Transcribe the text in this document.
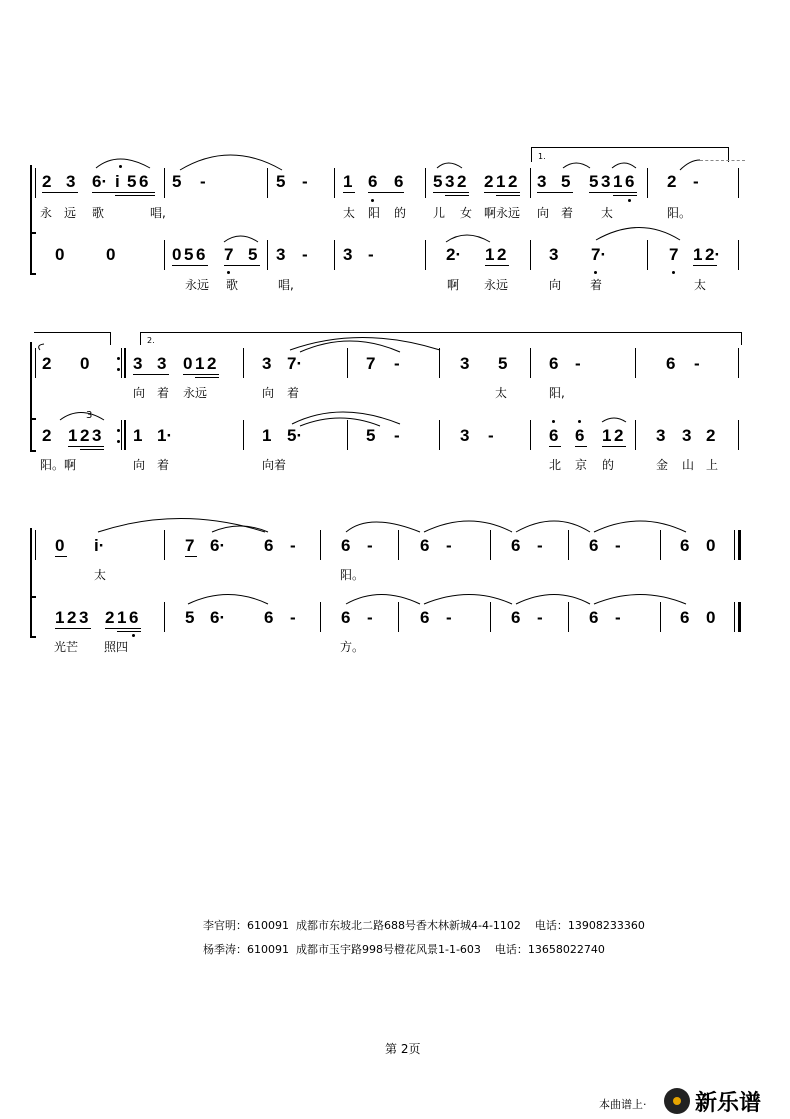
2 3 6· i 5 6 5 -	5 - 1 6 6 5 3 2 2 1 2 3 5 5 3 1 6 2 -
永 远 歌	唱,	太 阳 的 儿 女 啊永远 向 着 太	阳。
0 0	0 5 6 7 5 3 - 3 -	2· 1 2	3 7·	7 1 2·
永 远 歌	唱,	啊 永远	向 着	太
1.
2.
2 0	3 3 0 1 2	3 7·	7 -	3 5 6 -	6 -
向 着 永远	向 着	太	阳,
2 1 2 3 1 1·	1 5·	5 -	3 -	6 6 1 2 3 3 2
3
阳。啊	向 着	向着	北 京 的	金 山 上
0 i·	7 6· 6 -	6 -	6 -	6 -	6 -	6 0
太	阳。
1 2 3 2 1 6	5 6· 6 -	6 -	6 -	6 -	6 -	6 0
光芒 照四	方。
李官明：610091  成都市东坡北二路688号香木林新城4-4-1102    电话：13908233360
杨季涛：610091  成都市玉宇路998号橙花风景1-1-603    电话：13658022740
第 2页
本曲谱上· 新乐谱
